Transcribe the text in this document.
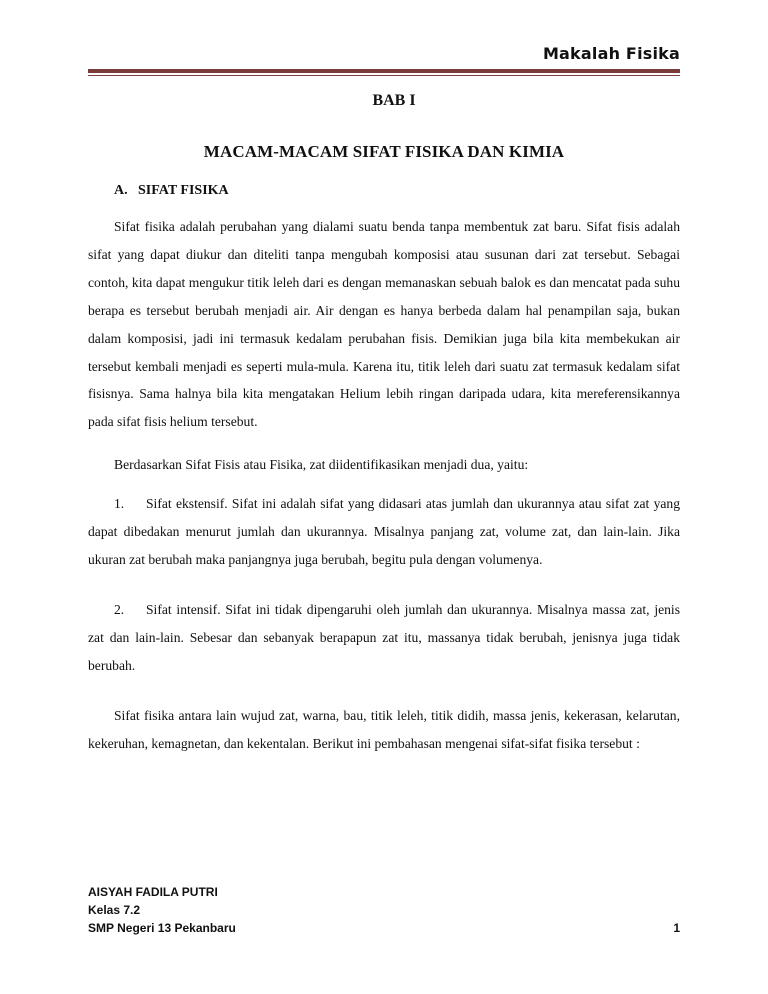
Makalah Fisika
BAB I
MACAM-MACAM SIFAT FISIKA DAN KIMIA
A. SIFAT FISIKA
Sifat fisika adalah perubahan yang dialami suatu benda tanpa membentuk zat baru. Sifat fisis adalah sifat yang dapat diukur dan diteliti tanpa mengubah komposisi atau susunan dari zat tersebut. Sebagai contoh, kita dapat mengukur titik leleh dari es dengan memanaskan sebuah balok es dan mencatat pada suhu berapa es tersebut berubah menjadi air. Air dengan es hanya berbeda dalam hal penampilan saja, bukan dalam komposisi, jadi ini termasuk kedalam perubahan fisis. Demikian juga bila kita membekukan air tersebut kembali menjadi es seperti mula-mula. Karena itu, titik leleh dari suatu zat termasuk kedalam sifat fisisnya. Sama halnya bila kita mengatakan Helium lebih ringan daripada udara, kita mereferensikannya pada sifat fisis helium tersebut.
Berdasarkan Sifat Fisis atau Fisika, zat diidentifikasikan menjadi dua, yaitu:
1. Sifat ekstensif. Sifat ini adalah sifat yang didasari atas jumlah dan ukurannya atau sifat zat yang dapat dibedakan menurut jumlah dan ukurannya. Misalnya panjang zat, volume zat, dan lain-lain. Jika ukuran zat berubah maka panjangnya juga berubah, begitu pula dengan volumenya.
2. Sifat intensif. Sifat ini tidak dipengaruhi oleh jumlah dan ukurannya. Misalnya massa zat, jenis zat dan lain-lain. Sebesar dan sebanyak berapapun zat itu, massanya tidak berubah, jenisnya juga tidak berubah.
Sifat fisika antara lain wujud zat, warna, bau, titik leleh, titik didih, massa jenis, kekerasan, kelarutan, kekeruhan, kemagnetan, dan kekentalan. Berikut ini pembahasan mengenai sifat-sifat fisika tersebut :
AISYAH FADILA PUTRI
Kelas 7.2
SMP Negeri 13 Pekanbaru	1
